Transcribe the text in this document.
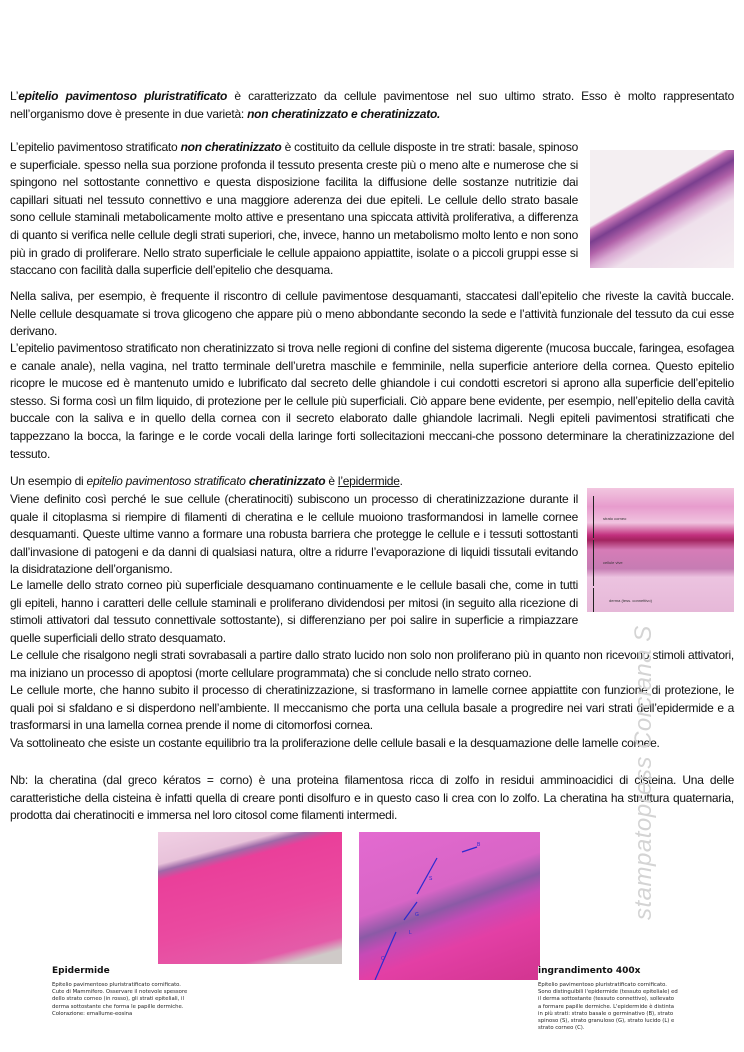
L’epitelio pavimentoso pluristratificato è caratterizzato da cellule pavimentose nel suo ultimo strato. Esso è molto rappresentato nell’organismo dove è presente in due varietà: non cheratinizzato e cheratinizzato.

L’epitelio pavimentoso stratificato non cheratinizzato è costituito da cellule disposte in tre strati: basale, spinoso e superficiale. spesso nella sua porzione profonda il tessuto presenta creste più o meno alte e numerose che si spingono nel sottostante connettivo e questa disposizione facilita la diffusione delle sostanze nutritizie dai capillari situati nel tessuto connettivo e una maggiore aderenza dei due epiteli. Le cellule dello strato basale sono cellule staminali metabolicamente molto attive e presentano una spiccata attività proliferativa, a differenza di quanto si verifica nelle cellule degli strati superiori, che, invece, hanno un metabolismo molto lento e non sono più in grado di proliferare. Nello strato superficiale le cellule appaiono appiattite, isolate o a piccoli gruppi esse si staccano con facilità dalla superficie dell’epitelio che desquama.

Nella saliva, per esempio, è frequente il riscontro di cellule pavimentose desquamanti, staccatesi dall’epitelio che riveste la cavità buccale. Nelle cellule desquamate si trova glicogeno che appare più o meno abbondante secondo la sede e l’attività funzionale del tessuto da cui esse derivano.

L’epitelio pavimentoso stratificato non cheratinizzato si trova nelle regioni di confine del sistema digerente (mucosa buccale, faringea, esofagea e canale anale), nella vagina, nel tratto terminale dell’uretra maschile e femminile, nella superficie anteriore della cornea. Questo epitelio ricopre le mucose ed è mantenuto umido e lubrificato dal secreto delle ghiandole i cui condotti escretori si aprono alla superficie dell’epitelio stesso. Si forma così un film liquido, di protezione per le cellule più superficiali. Ciò appare bene evidente, per esempio, nell’epitelio della cavità buccale con la saliva e in quello della cornea con il secreto elaborato dalle ghiandole lacrimali. Negli epiteli pavimentosi stratificati che tappezzano la bocca, la faringe e le corde vocali della laringe forti sollecitazioni meccani-che possono determinare la cheratinizzazione del tessuto.

Un esempio di epitelio pavimentoso stratificato cheratinizzato è l’epidermide.

Viene definito così perché le sue cellule (cheratinociti) subiscono un processo di cheratinizzazione durante il quale il citoplasma si riempire di filamenti di cheratina e le cellule muoiono trasformandosi in lamelle cornee desquamanti. Queste ultime vanno a formare una robusta barriera che protegge le cellule e i tessuti sottostanti dall’invasione di patogeni e da danni di qualsiasi natura, oltre a ridurre l’evaporazione di liquidi tissutali evitando la disidratazione dell’organismo.

Le lamelle dello strato corneo più superficiale desquamano continuamente e le cellule basali che, come in tutti gli epiteli, hanno i caratteri delle cellule staminali e proliferano dividendosi per mitosi (in seguito alla ricezione di stimoli attivatori dal tessuto connettivale sottostante), si differenziano per poi salire in superficie a rimpiazzare quelle superficiali dello strato desquamato.

Le cellule che risalgono negli strati sovrabasali a partire dallo strato lucido non solo non proliferano più in quanto non ricevono stimoli attivatori, ma iniziano un processo di apoptosi (morte cellulare programmata) che si conclude nello strato corneo.

Le cellule morte, che hanno subito il processo di cheratinizzazione, si trasformano in lamelle cornee appiattite con funzione di protezione, le quali poi si sfaldano e si disperdono nell’ambiente. Il meccanismo che porta una cellula basale a progredire nei vari strati dell’epidermide e a trasformarsi in una lamella cornea prende il nome di citomorfosi cornea.

Va sottolineato che esiste un costante equilibrio tra la proliferazione delle cellule basali e la desquamazione delle lamelle cornee.

strato corneo
cellule vive
derma (tess. connettivo)

Nb: la cheratina (dal greco kératos = corno) è una proteina filamentosa ricca di zolfo in residui amminoacidici di cisteina. Una delle caratteristiche della cisteina è infatti quella di creare ponti disolfuro e in questo caso li crea con lo zolfo. La cheratina ha struttura quaternaria, prodotta dai cheratinociti e immersa nel loro citosol come filamenti intermedi.

B
S
G
L
C
Epidermide

Epitelio pavimentoso pluristratificato cornificato. Cute di Mammifero. Osservare il notevole spessore dello strato corneo (in rosso), gli strati epiteliali, il derma sottostante che forma le papille dermiche. Colorazione: emallume-eosina

ingrandimento 400x

Epitelio pavimentoso pluristratificato cornificato. Sono distinguibili l'epidermide (tessuto epiteliale) ed il derma sottostante (tessuto connettivo), sollevato a formare papille dermiche. L'epidermide è distinta in più strati: strato basale o germinativo (B), strato spinoso (S), strato granuloso (G), strato lucido (L) e strato corneo (C).

stampatopress Corciana S
